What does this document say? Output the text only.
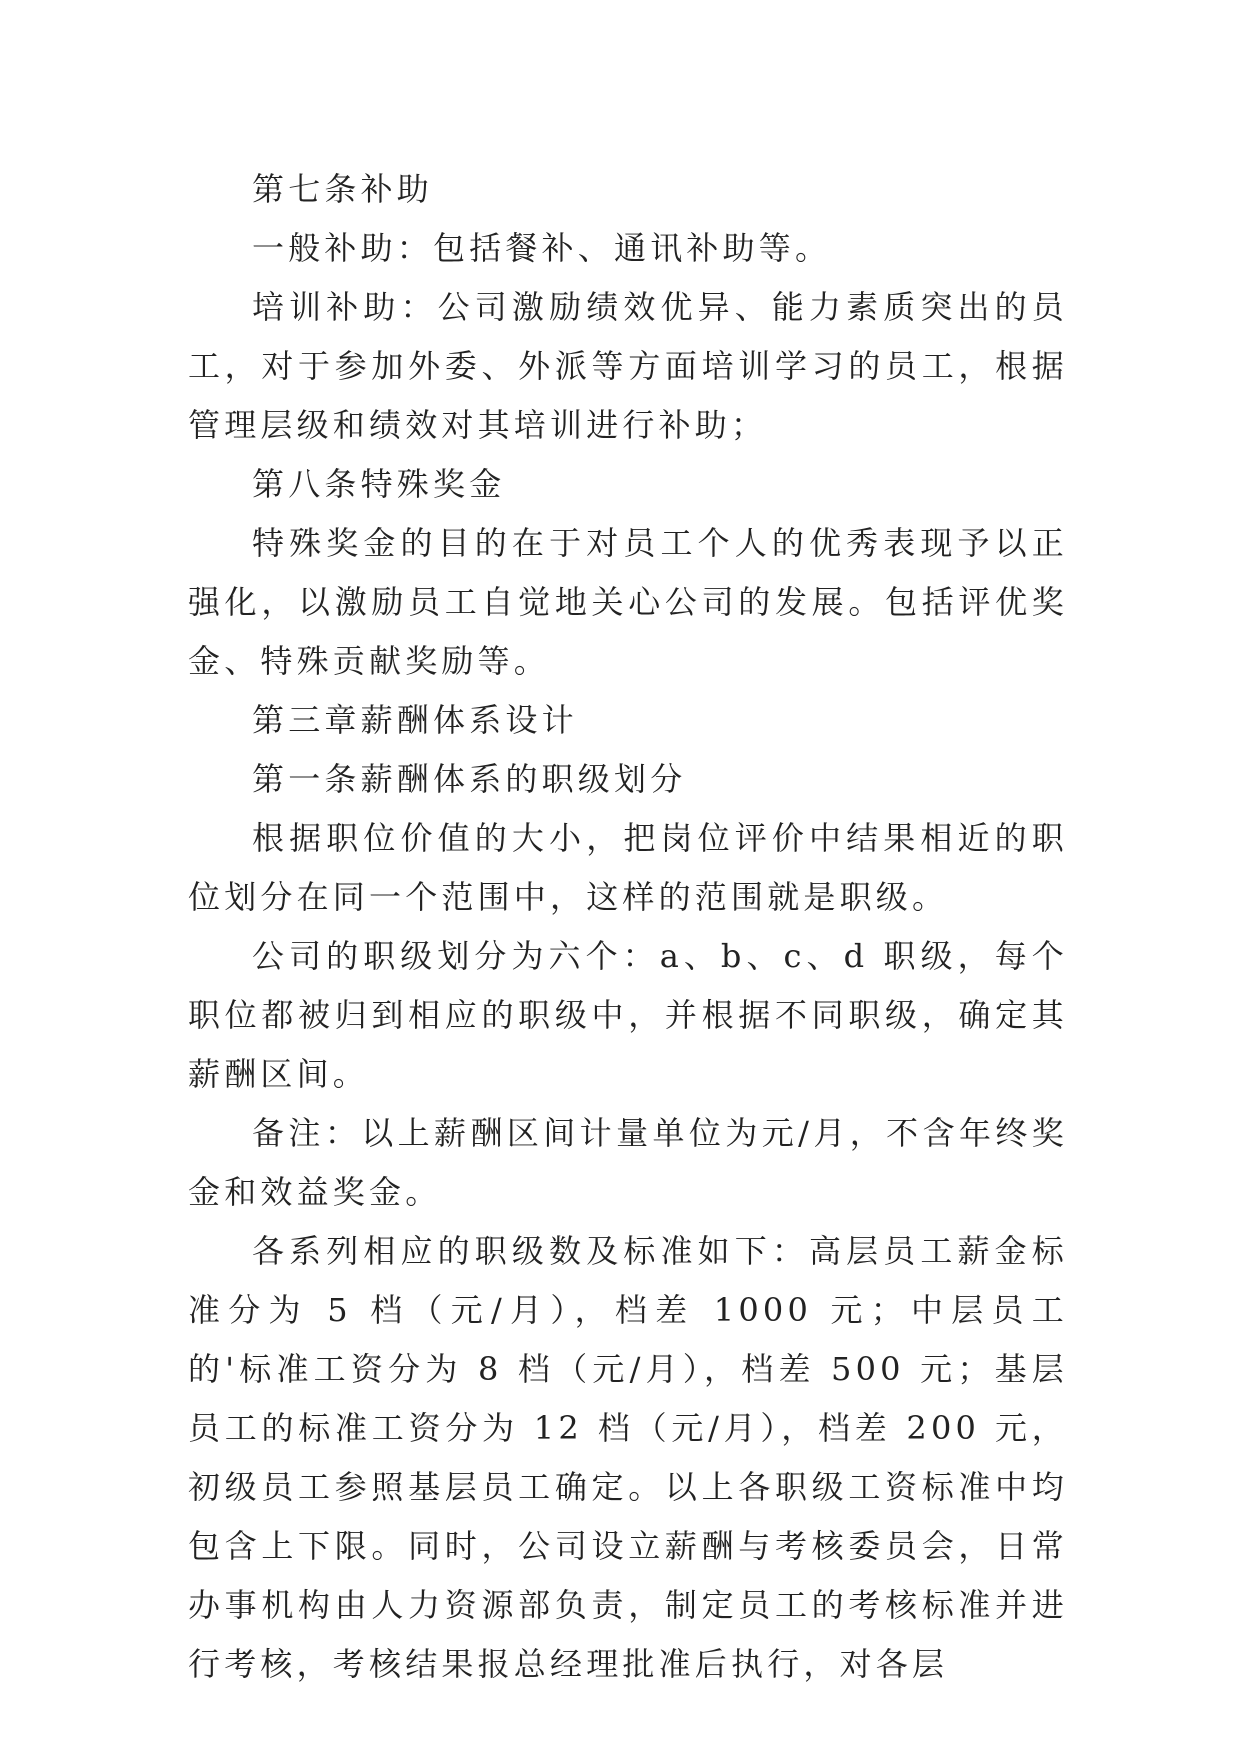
第七条补助

一般补助：包括餐补、通讯补助等。

培训补助：公司激励绩效优异、能力素质突出的员工，对于参加外委、外派等方面培训学习的员工，根据管理层级和绩效对其培训进行补助；

第八条特殊奖金

特殊奖金的目的在于对员工个人的优秀表现予以正强化，以激励员工自觉地关心公司的发展。包括评优奖金、特殊贡献奖励等。

第三章薪酬体系设计

第一条薪酬体系的职级划分

根据职位价值的大小，把岗位评价中结果相近的职位划分在同一个范围中，这样的范围就是职级。

公司的职级划分为六个：a、b、c、d 职级，每个职位都被归到相应的职级中，并根据不同职级，确定其薪酬区间。

备注：以上薪酬区间计量单位为元/月，不含年终奖金和效益奖金。

各系列相应的职级数及标准如下：高层员工薪金标准分为 5 档（元/月），档差 1000 元；中层员工的'标准工资分为 8 档（元/月），档差 500 元；基层员工的标准工资分为 12 档（元/月），档差 200 元，初级员工参照基层员工确定。以上各职级工资标准中均包含上下限。同时，公司设立薪酬与考核委员会，日常办事机构由人力资源部负责，制定员工的考核标准并进行考核，考核结果报总经理批准后执行，对各层
